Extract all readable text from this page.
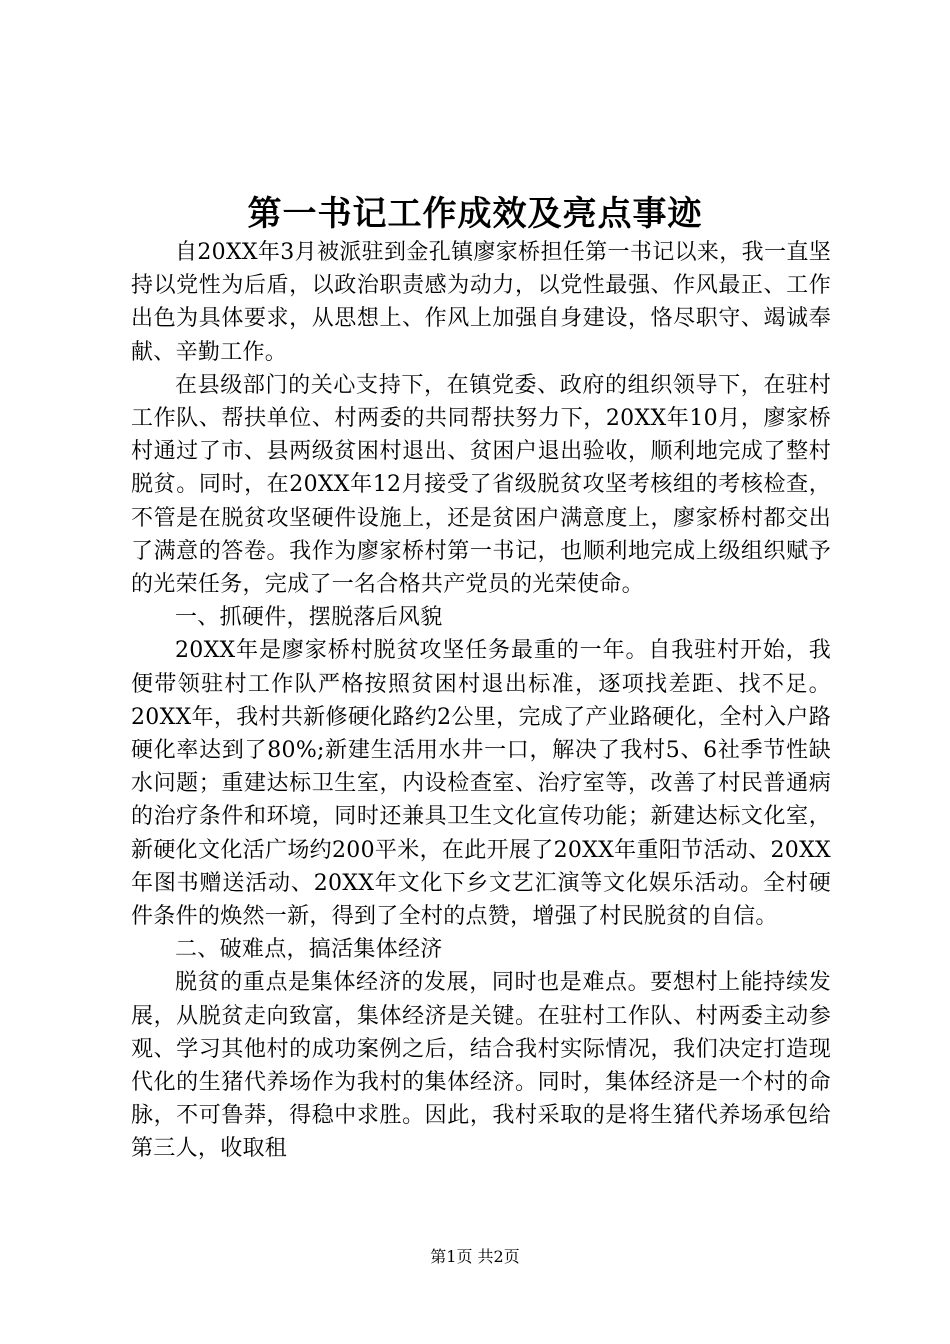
第一书记工作成效及亮点事迹

自20XX年3月被派驻到金孔镇廖家桥担任第一书记以来，我一直坚持以党性为后盾，以政治职责感为动力，以党性最强、作风最正、工作出色为具体要求，从思想上、作风上加强自身建设，恪尽职守、竭诚奉献、辛勤工作。

在县级部门的关心支持下，在镇党委、政府的组织领导下，在驻村工作队、帮扶单位、村两委的共同帮扶努力下，20XX年10月，廖家桥村通过了市、县两级贫困村退出、贫困户退出验收，顺利地完成了整村脱贫。同时，在20XX年12月接受了省级脱贫攻坚考核组的考核检查，不管是在脱贫攻坚硬件设施上，还是贫困户满意度上，廖家桥村都交出了满意的答卷。我作为廖家桥村第一书记，也顺利地完成上级组织赋予的光荣任务，完成了一名合格共产党员的光荣使命。

一、抓硬件，摆脱落后风貌

20XX年是廖家桥村脱贫攻坚任务最重的一年。自我驻村开始，我便带领驻村工作队严格按照贫困村退出标准，逐项找差距、找不足。20XX年，我村共新修硬化路约2公里，完成了产业路硬化，全村入户路硬化率达到了80%;新建生活用水井一口，解决了我村5、6社季节性缺水问题；重建达标卫生室，内设检查室、治疗室等，改善了村民普通病的治疗条件和环境，同时还兼具卫生文化宣传功能；新建达标文化室，新硬化文化活广场约200平米，在此开展了20XX年重阳节活动、20XX年图书赠送活动、20XX年文化下乡文艺汇演等文化娱乐活动。全村硬件条件的焕然一新，得到了全村的点赞，增强了村民脱贫的自信。

二、破难点，搞活集体经济

脱贫的重点是集体经济的发展，同时也是难点。要想村上能持续发展，从脱贫走向致富，集体经济是关键。在驻村工作队、村两委主动参观、学习其他村的成功案例之后，结合我村实际情况，我们决定打造现代化的生猪代养场作为我村的集体经济。同时，集体经济是一个村的命脉，不可鲁莽，得稳中求胜。因此，我村采取的是将生猪代养场承包给第三人，收取租

第1页 共2页
